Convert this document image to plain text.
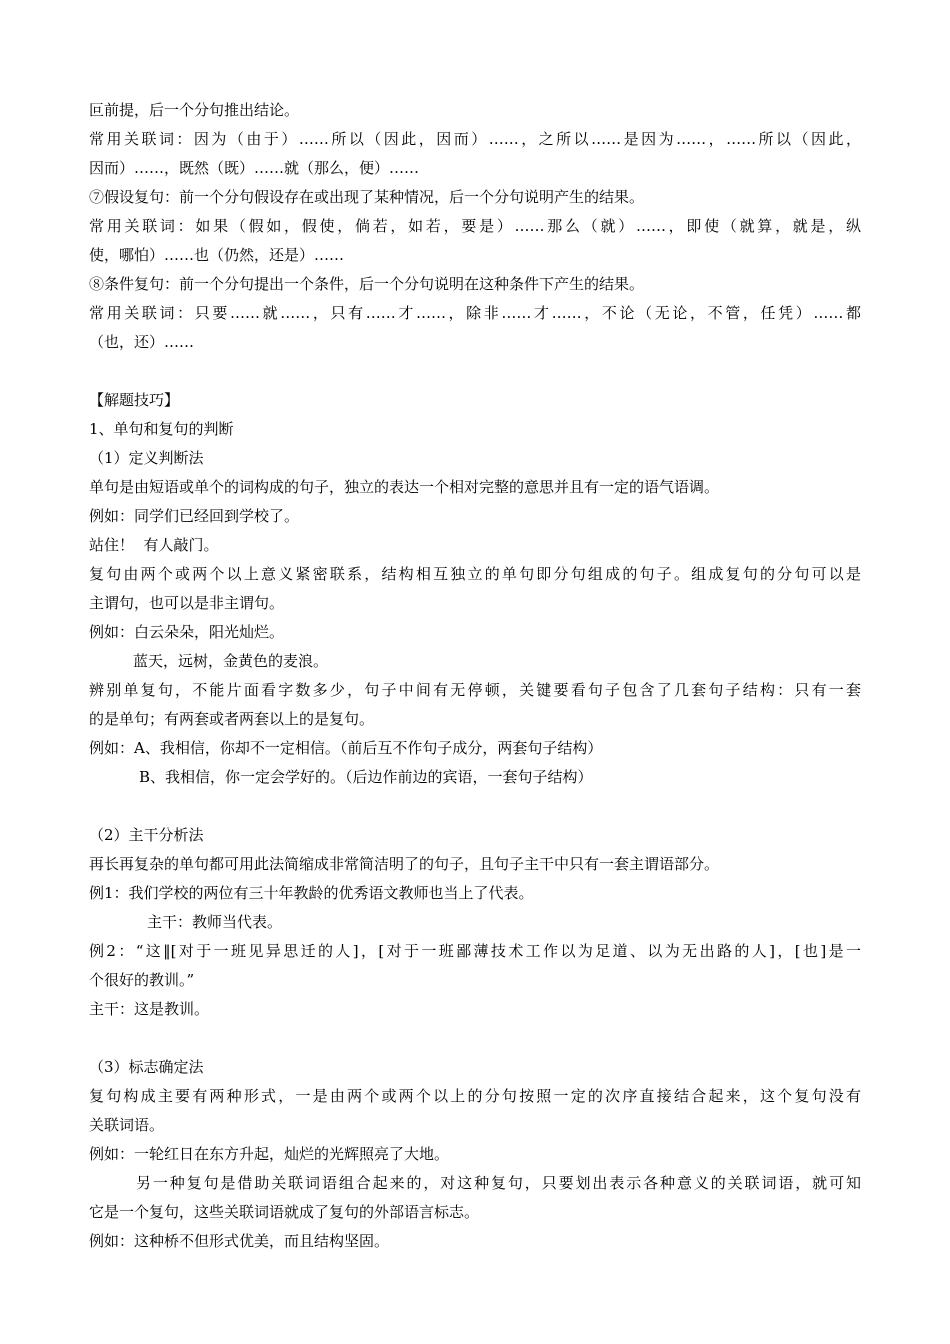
叵前提，后一个分句推出结论。
常用关联词：因为（由于）……所以（因此，因而）……，之所以……是因为……，……所以（因此，
因而）……，既然（既）……就（那么，便）……
⑦假设复句：前一个分句假设存在或出现了某种情况，后一个分句说明产生的结果。
常用关联词：如果（假如，假使，倘若，如若，要是）……那么（就）……，即使（就算，就是，纵
使，哪怕）……也（仍然，还是）……
⑧条件复句：前一个分句提出一个条件，后一个分句说明在这种条件下产生的结果。
常用关联词：只要……就……，只有……才……，除非……才……，不论（无论，不管，任凭）……都
（也，还）……
【解题技巧】
1、单句和复句的判断
（1）定义判断法
单句是由短语或单个的词构成的句子，独立的表达一个相对完整的意思并且有一定的语气语调。
例如：同学们已经回到学校了。
站住！  有人敲门。
复句由两个或两个以上意义紧密联系，结构相互独立的单句即分句组成的句子。组成复句的分句可以是
主谓句，也可以是非主谓句。
例如：白云朵朵，阳光灿烂。
蓝天，远树，金黄色的麦浪。
辨别单复句，不能片面看字数多少，句子中间有无停顿，关键要看句子包含了几套句子结构：只有一套
的是单句；有两套或者两套以上的是复句。
例如：A、我相信，你却不一定相信。（前后互不作句子成分，两套句子结构）
B、我相信，你一定会学好的。（后边作前边的宾语，一套句子结构）
（2）主干分析法
再长再复杂的单句都可用此法简缩成非常简洁明了的句子，且句子主干中只有一套主谓语部分。
例1：我们学校的两位有三十年教龄的优秀语文教师也当上了代表。
主干：教师当代表。
例2：“这‖[对于一班见异思迁的人]，[对于一班鄙薄技术工作以为足道、以为无出路的人]，[也]是一
个很好的教训。”
主干：这是教训。
（3）标志确定法
复句构成主要有两种形式，一是由两个或两个以上的分句按照一定的次序直接结合起来，这个复句没有
关联词语。
例如：一轮红日在东方升起，灿烂的光辉照亮了大地。
另一种复句是借助关联词语组合起来的，对这种复句，只要划出表示各种意义的关联词语，就可知
它是一个复句，这些关联词语就成了复句的外部语言标志。
例如：这种桥不但形式优美，而且结构坚固。
